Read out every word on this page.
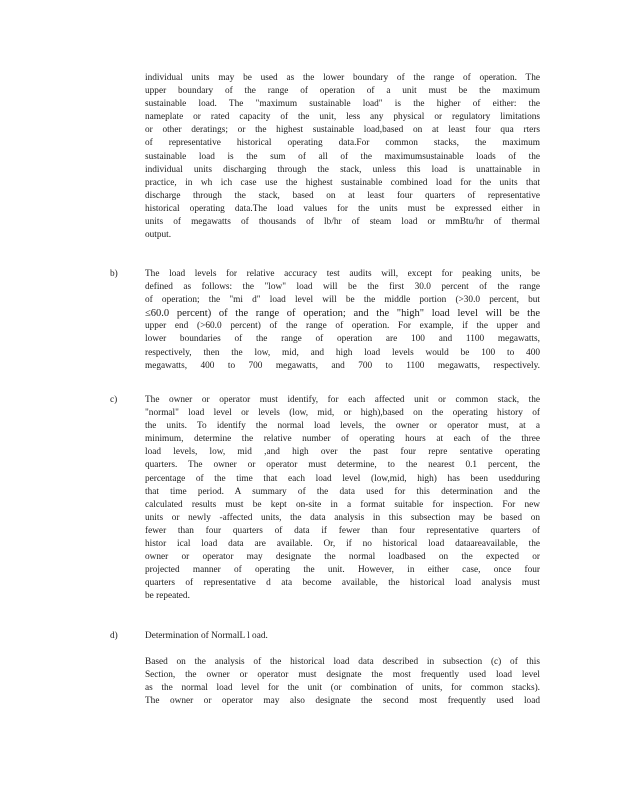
individual units may be used as the lower boundary of the range of operation. The
upper boundary of the range of operation of a unit must be the maximum
sustainable load. The "maximum sustainable load" is the higher of either: the
nameplate or rated capacity of the unit, less any physical or regulatory limitations
or other deratings; or the highest sustainable load,based on at least four qua rters
of representative historical operating data.For common stacks, the maximum
sustainable load is the sum of all of the maximumsustainable loads of the
individual units discharging through the stack, unless this load is unattainable in
practice, in wh ich case use the highest sustainable combined load for the units that
discharge through the stack, based on at least four quarters of representative
historical operating data.The load values for the units must be expressed either in
units of megawatts of thousands of lb/hr of steam load or mmBtu/hr of thermal
output.
b)	The load levels for relative accuracy test audits will, except for peaking units, be
defined as follows: the "low" load will be the first 30.0 percent of the range
of operation; the "mi d" load level will be the middle portion (>30.0 percent, but
≤60.0 percent) of the range of operation; and the "high" load level will be the
upper end (>60.0 percent) of the range of operation. For example, if the upper and
lower boundaries of the range of operation are 100 and 1100 megawatts,
respectively, then the low, mid, and high load levels would be 100 to 400
megawatts, 400 to 700 megawatts, and 700 to 1100 megawatts, respectively.
c)	The owner or operator must identify, for each affected unit or common stack, the
"normal" load level or levels (low, mid, or high),based on the operating history of
the units. To identify the normal load levels, the owner or operator must, at a
minimum, determine the relative number of operating hours at each of the three
load levels, low, mid ,and high over the past four repre sentative operating
quarters. The owner or operator must determine, to the nearest 0.1 percent, the
percentage of the time that each load level (low,mid, high) has been usedduring
that time period. A summary of the data used for this determination and the
calculated results must be kept on-site in a format suitable for inspection. For new
units or newly -affected units, the data analysis in this subsection may be based on
fewer than four quarters of data if fewer than four representative quarters of
histor ical load data are available. Or, if no historical load dataareavailable, the
owner or operator may designate the normal loadbased on the expected or
projected manner of operating the unit. However, in either case, once four
quarters of representative d ata become available, the historical load analysis must
be repeated.
d)	Determination of NormalL l oad.
Based on the analysis of the historical load data described in subsection (c) of this
Section, the owner or operator must designate the most frequently used load level
as the normal load level for the unit (or combination of units, for common stacks).
The owner or operator may also designate the second most frequently used load
